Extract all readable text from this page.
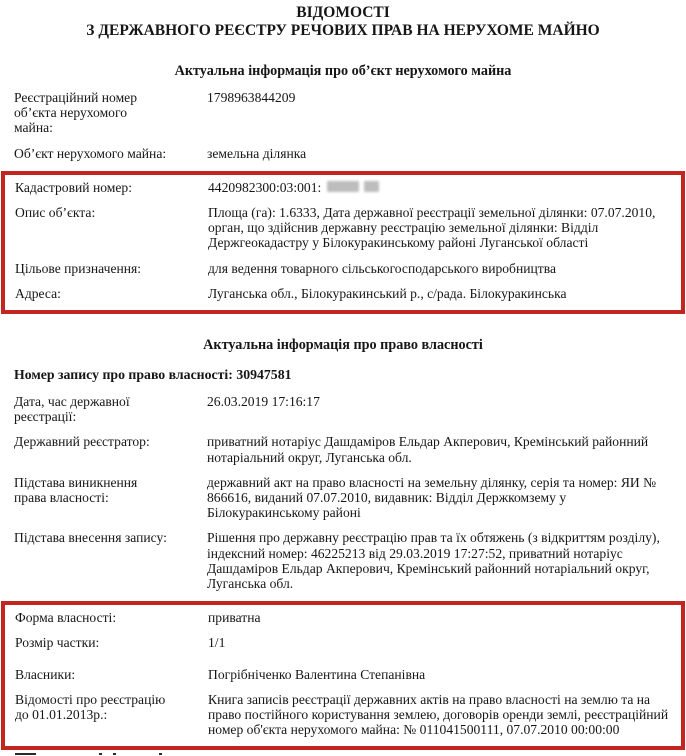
ВІДОМОСТІ
З ДЕРЖАВНОГО РЕЄСТРУ РЕЧОВИХ ПРАВ НА НЕРУХОМЕ МАЙНО
Актуальна інформація про об’єкт нерухомого майна
Реєстраційний номер об’єкта нерухомого майна:
1798963844209
Об’єкт нерухомого майна:	земельна ділянка
Кадастровий номер:	4420982300:03:001:
Опис об’єкта:	Площа (га): 1.6333, Дата державної реєстрації земельної ділянки: 07.07.2010, орган, що здійснив державну реєстрацію земельної ділянки: Відділ Держгеокадастру у Білокуракинському районі Луганської області
Цільове призначення:	для ведення товарного сільськогосподарського виробництва
Адреса:	Луганська обл., Білокуракинський р., с/рада. Білокуракинська
Актуальна інформація про право власності
Номер запису про право власності: 30947581
Дата, час державної реєстрації:
26.03.2019 17:16:17
Державний реєстратор:	приватний нотаріус Дашдаміров Ельдар Акперович, Кремінський районний нотаріальний округ, Луганська обл.
Підстава виникнення права власності:
державний акт на право власності на земельну ділянку, серія та номер: ЯИ № 866616, виданий 07.07.2010, видавник: Відділ Держкомзему у Білокуракинському районі
Підстава внесення запису:	Рішення про державну реєстрацію прав та їх обтяжень (з відкриттям розділу), індексний номер: 46225213 від 29.03.2019 17:27:52, приватний нотаріус Дашдаміров Ельдар Акперович, Кремінський районний нотаріальний округ, Луганська обл.
Форма власності:	приватна
Розмір частки:	1/1
Власники:	Погрібніченко Валентина Степанівна
Відомості про реєстрацію до 01.01.2013р.:
Книга записів реєстрації державних актів на право власності на землю та на право постійного користування землею, договорів оренди землі, реєстраційний номер об'єкта нерухомого майна: № 011041500111, 07.07.2010 00:00:00
